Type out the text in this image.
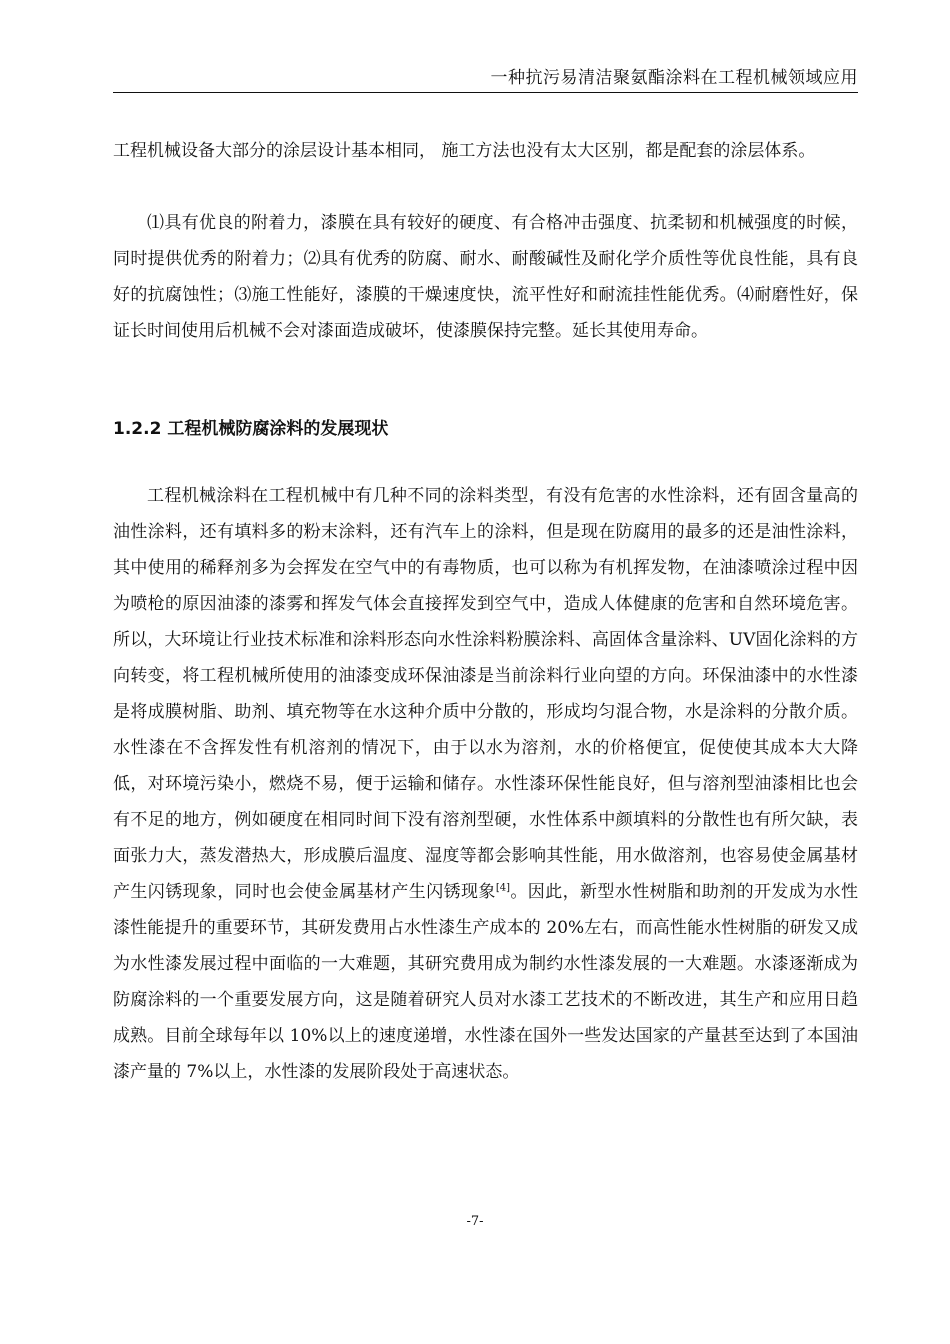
一种抗污易清洁聚氨酯涂料在工程机械领域应用

工程机械设备大部分的涂层设计基本相同， 施工方法也没有太大区别，都是配套的涂层体系。

⑴具有优良的附着力，漆膜在具有较好的硬度、有合格冲击强度、抗柔韧和机械强度的时候，同时提供优秀的附着力；⑵具有优秀的防腐、耐水、耐酸碱性及耐化学介质性等优良性能，具有良好的抗腐蚀性；⑶施工性能好，漆膜的干燥速度快，流平性好和耐流挂性能优秀。⑷耐磨性好，保证长时间使用后机械不会对漆面造成破坏，使漆膜保持完整。延长其使用寿命。

1.2.2 工程机械防腐涂料的发展现状

工程机械涂料在工程机械中有几种不同的涂料类型，有没有危害的水性涂料，还有固含量高的油性涂料，还有填料多的粉末涂料，还有汽车上的涂料，但是现在防腐用的最多的还是油性涂料，其中使用的稀释剂多为会挥发在空气中的有毒物质，也可以称为有机挥发物，在油漆喷涂过程中因为喷枪的原因油漆的漆雾和挥发气体会直接挥发到空气中，造成人体健康的危害和自然环境危害。所以，大环境让行业技术标准和涂料形态向水性涂料粉膜涂料、高固体含量涂料、UV固化涂料的方向转变，将工程机械所使用的油漆变成环保油漆是当前涂料行业向望的方向。环保油漆中的水性漆是将成膜树脂、助剂、填充物等在水这种介质中分散的，形成均匀混合物，水是涂料的分散介质。水性漆在不含挥发性有机溶剂的情况下，由于以水为溶剂，水的价格便宜，促使使其成本大大降低，对环境污染小，燃烧不易，便于运输和储存。水性漆环保性能良好，但与溶剂型油漆相比也会有不足的地方，例如硬度在相同时间下没有溶剂型硬，水性体系中颜填料的分散性也有所欠缺，表面张力大，蒸发潜热大，形成膜后温度、湿度等都会影响其性能，用水做溶剂，也容易使金属基材产生闪锈现象，同时也会使金属基材产生闪锈现象[4]。因此，新型水性树脂和助剂的开发成为水性漆性能提升的重要环节，其研发费用占水性漆生产成本的 20%左右，而高性能水性树脂的研发又成为水性漆发展过程中面临的一大难题，其研究费用成为制约水性漆发展的一大难题。水漆逐渐成为防腐涂料的一个重要发展方向，这是随着研究人员对水漆工艺技术的不断改进，其生产和应用日趋成熟。目前全球每年以 10%以上的速度递增，水性漆在国外一些发达国家的产量甚至达到了本国油漆产量的 7%以上，水性漆的发展阶段处于高速状态。

-7-
